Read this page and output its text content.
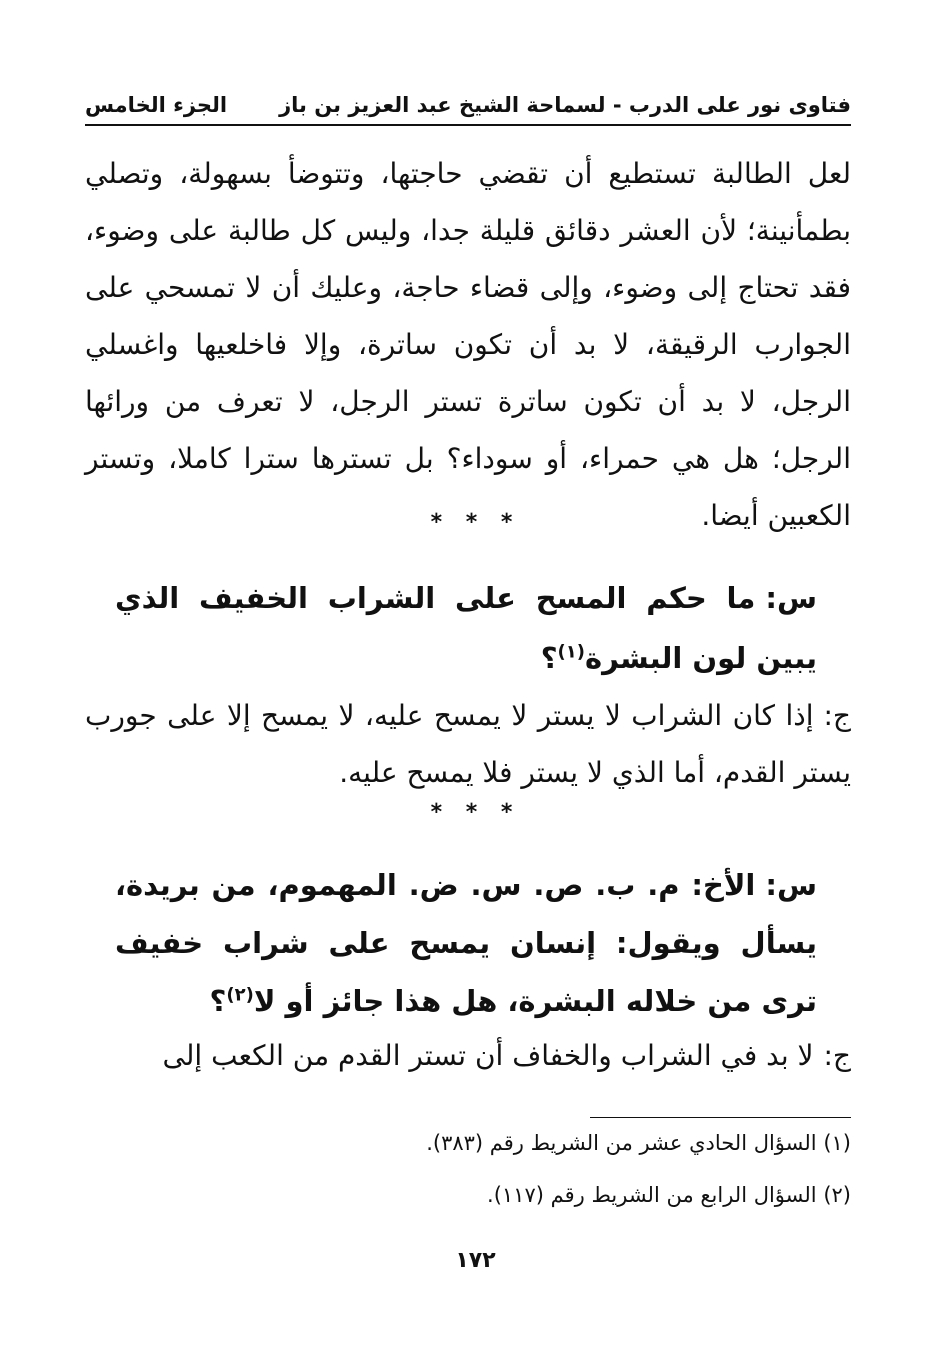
فتاوى نور على الدرب - لسماحة الشيخ عبد العزيز بن باز
الجزء الخامس

لعل الطالبة تستطيع أن تقضي حاجتها، وتتوضأ بسهولة، وتصلي بطمأنينة؛ لأن العشر دقائق قليلة جدا، وليس كل طالبة على وضوء، فقد تحتاج إلى وضوء، وإلى قضاء حاجة، وعليك أن لا تمسحي على الجوارب الرقيقة، لا بد أن تكون ساترة، وإلا فاخلعيها واغسلي الرجل، لا بد أن تكون ساترة تستر الرجل، لا تعرف من ورائها الرجل؛ هل هي حمراء، أو سوداء؟ بل تسترها سترا كاملا، وتستر الكعبين أيضا.

* * *

س:ما حكم المسح على الشراب الخفيف الذي يبين لون البشرة$^{(١)}$؟

ج:إذا كان الشراب لا يستر لا يمسح عليه، لا يمسح إلا على جورب يستر القدم، أما الذي لا يستر فلا يمسح عليه.

* * *

س:الأخ: م. ب. ص. س. ض. المهموم، من بريدة، يسأل ويقول: إنسان يمسح على شراب خفيف ترى من خلاله البشرة، هل هذا جائز أو لا$^{(٢)}$؟

ج:لا بد في الشراب والخفاف أن تستر القدم من الكعب إلى

(١) السؤال الحادي عشر من الشريط رقم (٣٨٣).
(٢) السؤال الرابع من الشريط رقم (١١٧).
١٧٢
